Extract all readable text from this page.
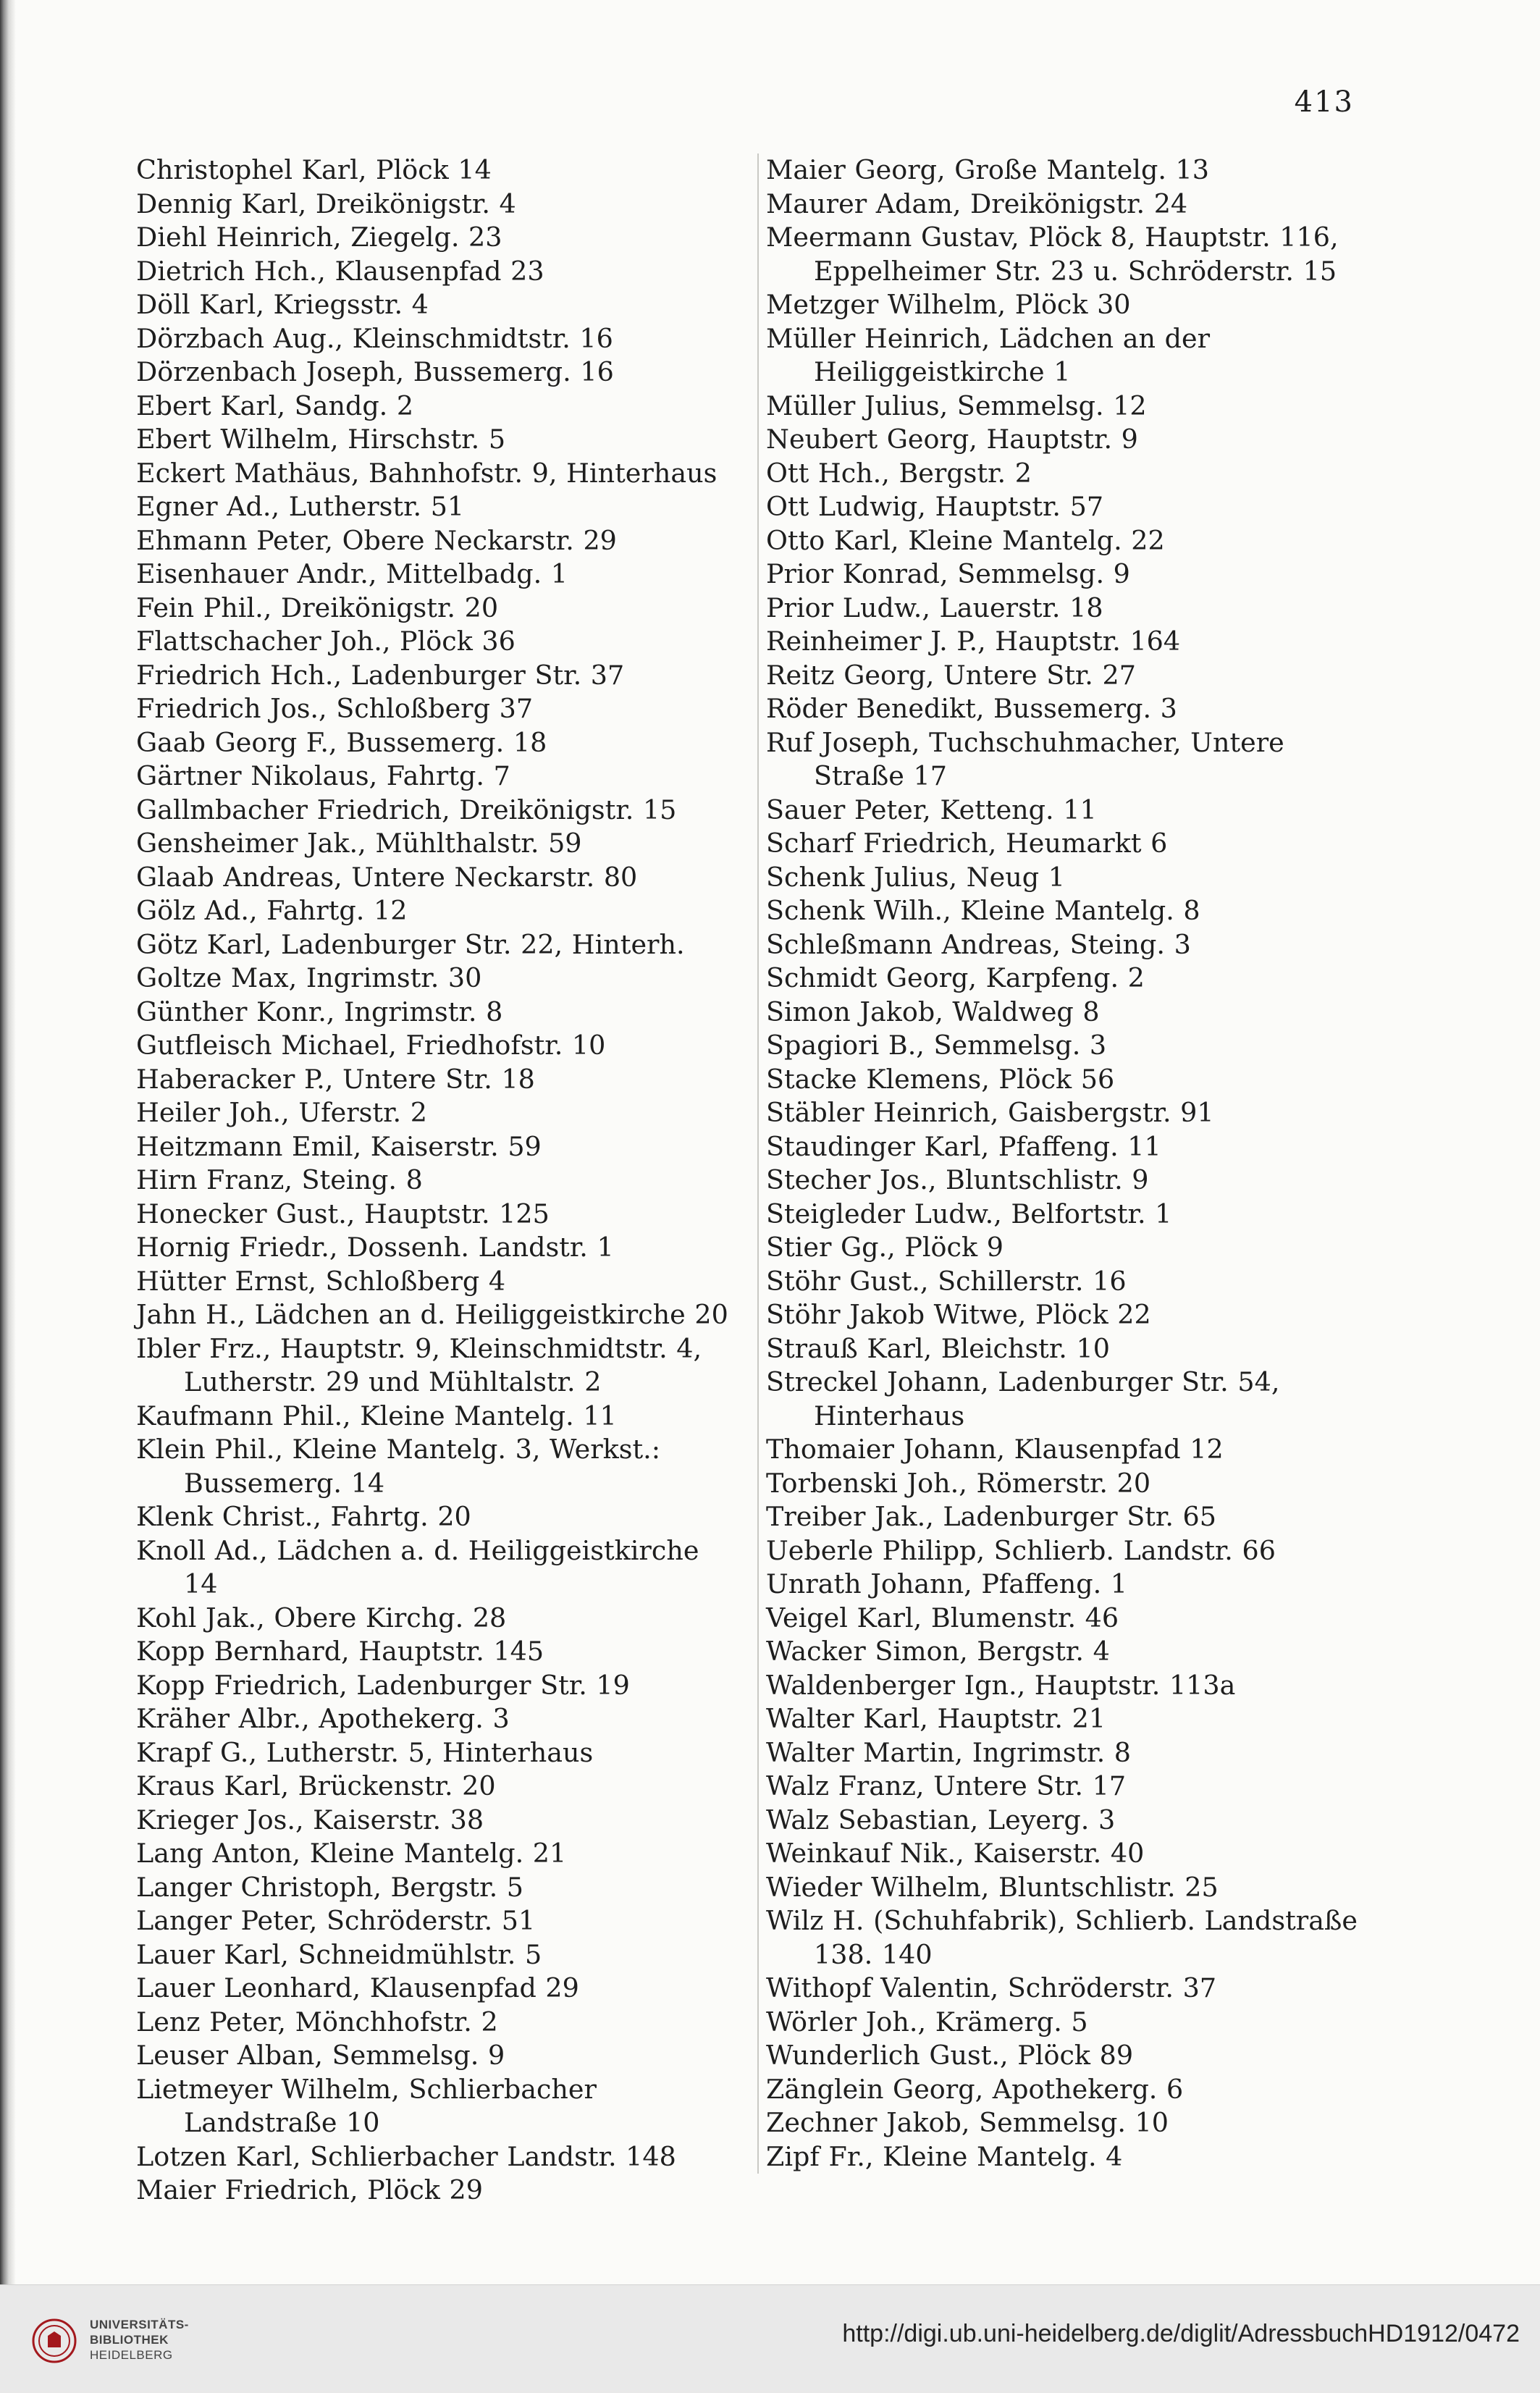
413
Christophel Karl, Plöck 14
Dennig Karl, Dreikönigstr. 4
Diehl Heinrich, Ziegelg. 23
Dietrich Hch., Klausenpfad 23
Döll Karl, Kriegsstr. 4
Dörzbach Aug., Kleinschmidtstr. 16
Dörzenbach Joseph, Bussemerg. 16
Ebert Karl, Sandg. 2
Ebert Wilhelm, Hirschstr. 5
Eckert Mathäus, Bahnhofstr. 9, Hinterhaus
Egner Ad., Lutherstr. 51
Ehmann Peter, Obere Neckarstr. 29
Eisenhauer Andr., Mittelbadg. 1
Fein Phil., Dreikönigstr. 20
Flattschacher Joh., Plöck 36
Friedrich Hch., Ladenburger Str. 37
Friedrich Jos., Schloßberg 37
Gaab Georg F., Bussemerg. 18
Gärtner Nikolaus, Fahrtg. 7
Gallmbacher Friedrich, Dreikönigstr. 15
Gensheimer Jak., Mühlthalstr. 59
Glaab Andreas, Untere Neckarstr. 80
Gölz Ad., Fahrtg. 12
Götz Karl, Ladenburger Str. 22, Hinterh.
Goltze Max, Ingrimstr. 30
Günther Konr., Ingrimstr. 8
Gutfleisch Michael, Friedhofstr. 10
Haberacker P., Untere Str. 18
Heiler Joh., Uferstr. 2
Heitzmann Emil, Kaiserstr. 59
Hirn Franz, Steing. 8
Honecker Gust., Hauptstr. 125
Hornig Friedr., Dossenh. Landstr. 1
Hütter Ernst, Schloßberg 4
Jahn H., Lädchen an d. Heiliggeistkirche 20
Ibler Frz., Hauptstr. 9, Kleinschmidtstr. 4, Lutherstr. 29 und Mühltalstr. 2
Kaufmann Phil., Kleine Mantelg. 11
Klein Phil., Kleine Mantelg. 3, Werkst.: Bussemerg. 14
Klenk Christ., Fahrtg. 20
Knoll Ad., Lädchen a. d. Heiliggeistkirche 14
Kohl Jak., Obere Kirchg. 28
Kopp Bernhard, Hauptstr. 145
Kopp Friedrich, Ladenburger Str. 19
Kräher Albr., Apothekerg. 3
Krapf G., Lutherstr. 5, Hinterhaus
Kraus Karl, Brückenstr. 20
Krieger Jos., Kaiserstr. 38
Lang Anton, Kleine Mantelg. 21
Langer Christoph, Bergstr. 5
Langer Peter, Schröderstr. 51
Lauer Karl, Schneidmühlstr. 5
Lauer Leonhard, Klausenpfad 29
Lenz Peter, Mönchhofstr. 2
Leuser Alban, Semmelsg. 9
Lietmeyer Wilhelm, Schlierbacher Landstraße 10
Lotzen Karl, Schlierbacher Landstr. 148
Maier Friedrich, Plöck 29
Maier Georg, Große Mantelg. 13
Maurer Adam, Dreikönigstr. 24
Meermann Gustav, Plöck 8, Hauptstr. 116, Eppelheimer Str. 23 u. Schröderstr. 15
Metzger Wilhelm, Plöck 30
Müller Heinrich, Lädchen an der Heiliggeistkirche 1
Müller Julius, Semmelsg. 12
Neubert Georg, Hauptstr. 9
Ott Hch., Bergstr. 2
Ott Ludwig, Hauptstr. 57
Otto Karl, Kleine Mantelg. 22
Prior Konrad, Semmelsg. 9
Prior Ludw., Lauerstr. 18
Reinheimer J. P., Hauptstr. 164
Reitz Georg, Untere Str. 27
Röder Benedikt, Bussemerg. 3
Ruf Joseph, Tuchschuhmacher, Untere Straße 17
Sauer Peter, Ketteng. 11
Scharf Friedrich, Heumarkt 6
Schenk Julius, Neug 1
Schenk Wilh., Kleine Mantelg. 8
Schleßmann Andreas, Steing. 3
Schmidt Georg, Karpfeng. 2
Simon Jakob, Waldweg 8
Spagiori B., Semmelsg. 3
Stacke Klemens, Plöck 56
Stäbler Heinrich, Gaisbergstr. 91
Staudinger Karl, Pfaffeng. 11
Stecher Jos., Bluntschlistr. 9
Steigleder Ludw., Belfortstr. 1
Stier Gg., Plöck 9
Stöhr Gust., Schillerstr. 16
Stöhr Jakob Witwe, Plöck 22
Strauß Karl, Bleichstr. 10
Streckel Johann, Ladenburger Str. 54, Hinterhaus
Thomaier Johann, Klausenpfad 12
Torbenski Joh., Römerstr. 20
Treiber Jak., Ladenburger Str. 65
Ueberle Philipp, Schlierb. Landstr. 66
Unrath Johann, Pfaffeng. 1
Veigel Karl, Blumenstr. 46
Wacker Simon, Bergstr. 4
Waldenberger Ign., Hauptstr. 113a
Walter Karl, Hauptstr. 21
Walter Martin, Ingrimstr. 8
Walz Franz, Untere Str. 17
Walz Sebastian, Leyerg. 3
Weinkauf Nik., Kaiserstr. 40
Wieder Wilhelm, Bluntschlistr. 25
Wilz H. (Schuhfabrik), Schlierb. Landstraße 138. 140
Withopf Valentin, Schröderstr. 37
Wörler Joh., Krämerg. 5
Wunderlich Gust., Plöck 89
Zänglein Georg, Apothekerg. 6
Zechner Jakob, Semmelsg. 10
Zipf Fr., Kleine Mantelg. 4
UNIVERSITÄTS-
BIBLIOTHEK
HEIDELBERG
http://digi.ub.uni-heidelberg.de/diglit/AdressbuchHD1912/0472
